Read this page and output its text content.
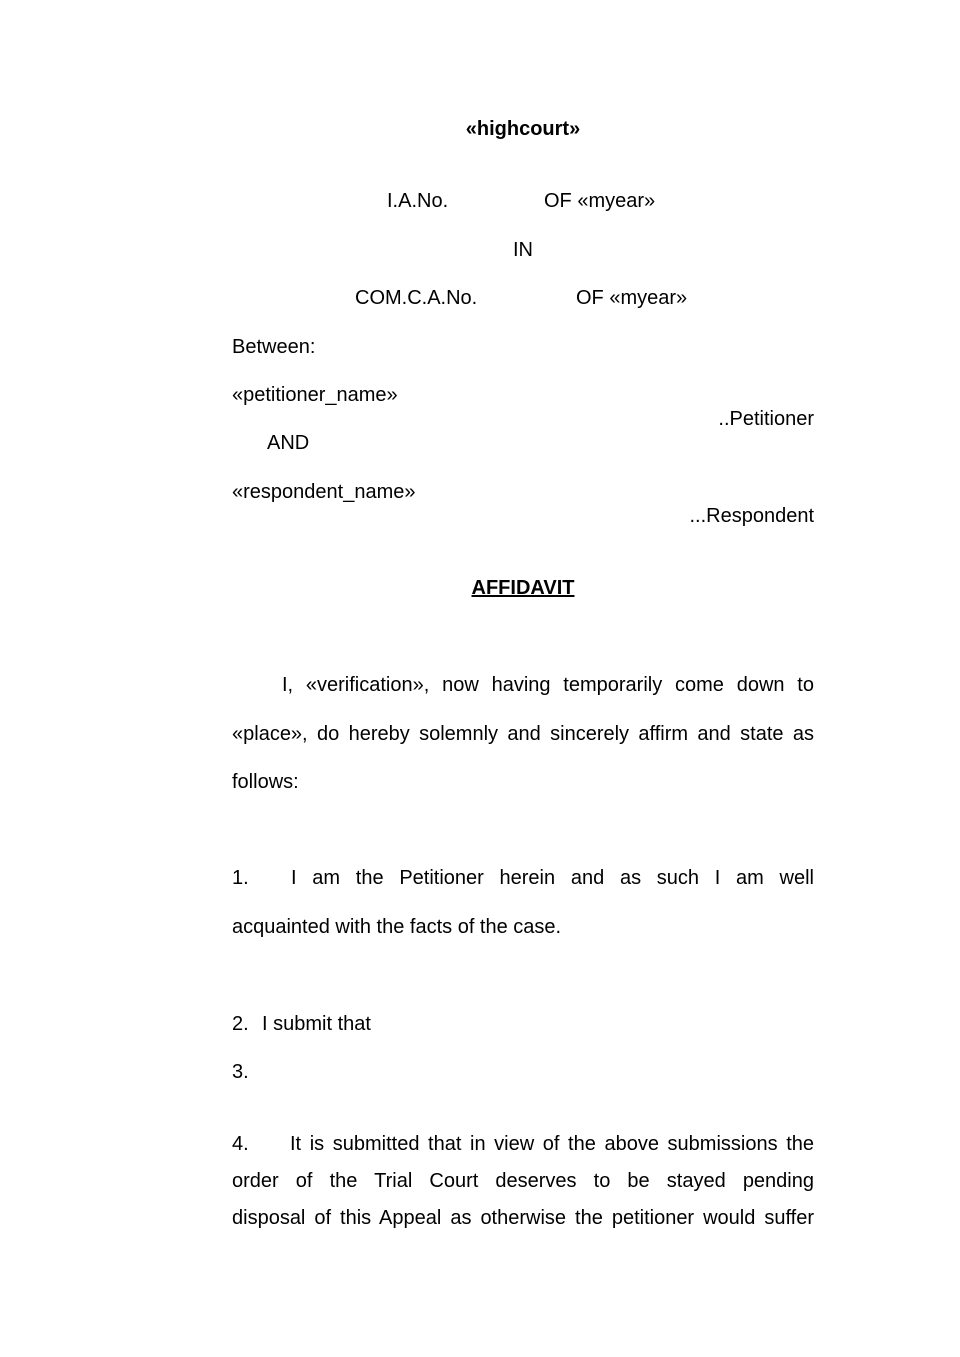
«highcourt»
I.A.No.	OF «myear»
IN
COM.C.A.No.	OF «myear»
Between:
«petitioner_name»
..Petitioner
AND
«respondent_name»
...Respondent
AFFIDAVIT
I, «verification», now having temporarily come down to
«place», do hereby solemnly and sincerely affirm and state as
follows:
1. I am the Petitioner herein and as such I am well
acquainted with the facts of the case.
2. I submit that
3.
4. It is submitted that in view of the above submissions the
order of the Trial Court deserves to be stayed pending
disposal of this Appeal as otherwise the petitioner would suffer
